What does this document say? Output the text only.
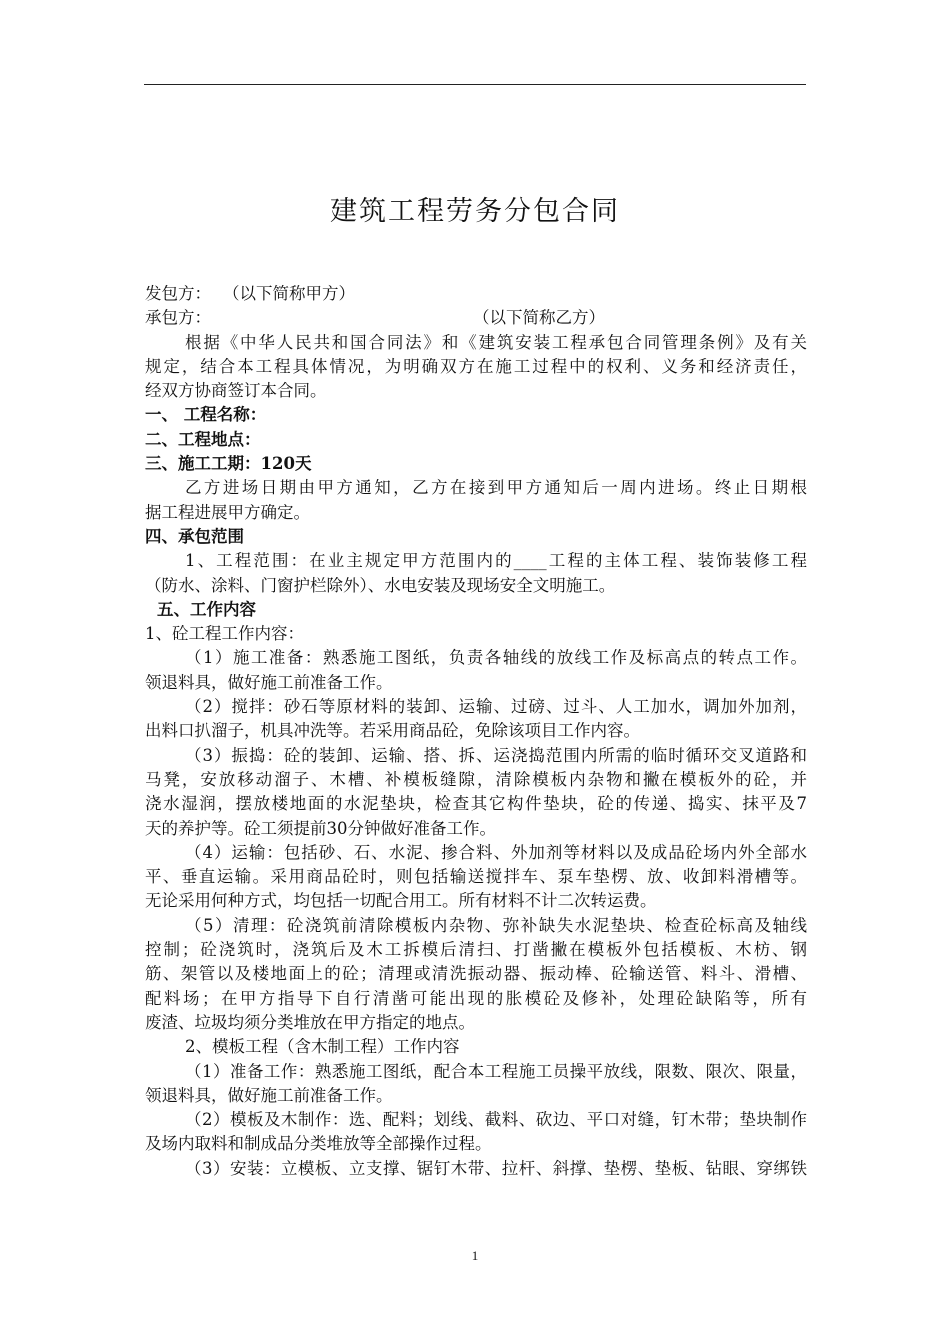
建筑工程劳务分包合同

发包方： （以下简称甲方）

承包方：	（以下简称乙方）

根据《中华人民共和国合同法》和《建筑安装工程承包合同管理条例》及有关

规定，结合本工程具体情况，为明确双方在施工过程中的权利、义务和经济责任，

经双方协商签订本合同。

一、 工程名称：

二、工程地点：

三、施工工期：120天

乙方进场日期由甲方通知，乙方在接到甲方通知后一周内进场。终止日期根

据工程进展甲方确定。

四、承包范围

1、工程范围：在业主规定甲方范围内的____工程的主体工程、装饰装修工程

（防水、涂料、门窗护栏除外）、水电安装及现场安全文明施工。

五、工作内容

1、砼工程工作内容：

（1）施工准备：熟悉施工图纸，负责各轴线的放线工作及标高点的转点工作。

领退料具，做好施工前准备工作。

（2）搅拌：砂石等原材料的装卸、运输、过磅、过斗、人工加水，调加外加剂，

出料口扒溜子，机具冲洗等。若采用商品砼，免除该项目工作内容。

（3）振捣：砼的装卸、运输、搭、拆、运浇捣范围内所需的临时循环交叉道路和

马凳，安放移动溜子、木槽、补模板缝隙，清除模板内杂物和撇在模板外的砼，并

浇水湿润，摆放楼地面的水泥垫块，检查其它构件垫块，砼的传递、捣实、抹平及7

天的养护等。砼工须提前30分钟做好准备工作。

（4）运输：包括砂、石、水泥、掺合料、外加剂等材料以及成品砼场内外全部水

平、垂直运输。采用商品砼时，则包括输送搅拌车、泵车垫楞、放、收卸料滑槽等。

无论采用何种方式，均包括一切配合用工。所有材料不计二次转运费。

（5）清理：砼浇筑前清除模板内杂物、弥补缺失水泥垫块、检查砼标高及轴线

控制；砼浇筑时，浇筑后及木工拆模后清扫、打凿撇在模板外包括模板、木枋、钢

筋、架管以及楼地面上的砼；清理或清洗振动器、振动棒、砼输送管、料斗、滑槽、

配料场；在甲方指导下自行清凿可能出现的胀模砼及修补，处理砼缺陷等，所有

废渣、垃圾均须分类堆放在甲方指定的地点。

2、模板工程（含木制工程）工作内容

（1）准备工作：熟悉施工图纸，配合本工程施工员操平放线，限数、限次、限量，

领退料具，做好施工前准备工作。

（2）模板及木制作：选、配料；划线、截料、砍边、平口对缝，钉木带；垫块制作

及场内取料和制成品分类堆放等全部操作过程。

（3）安装：立模板、立支撑、锯钉木带、拉杆、斜撑、垫楞、垫板、钻眼、穿绑铁

1
